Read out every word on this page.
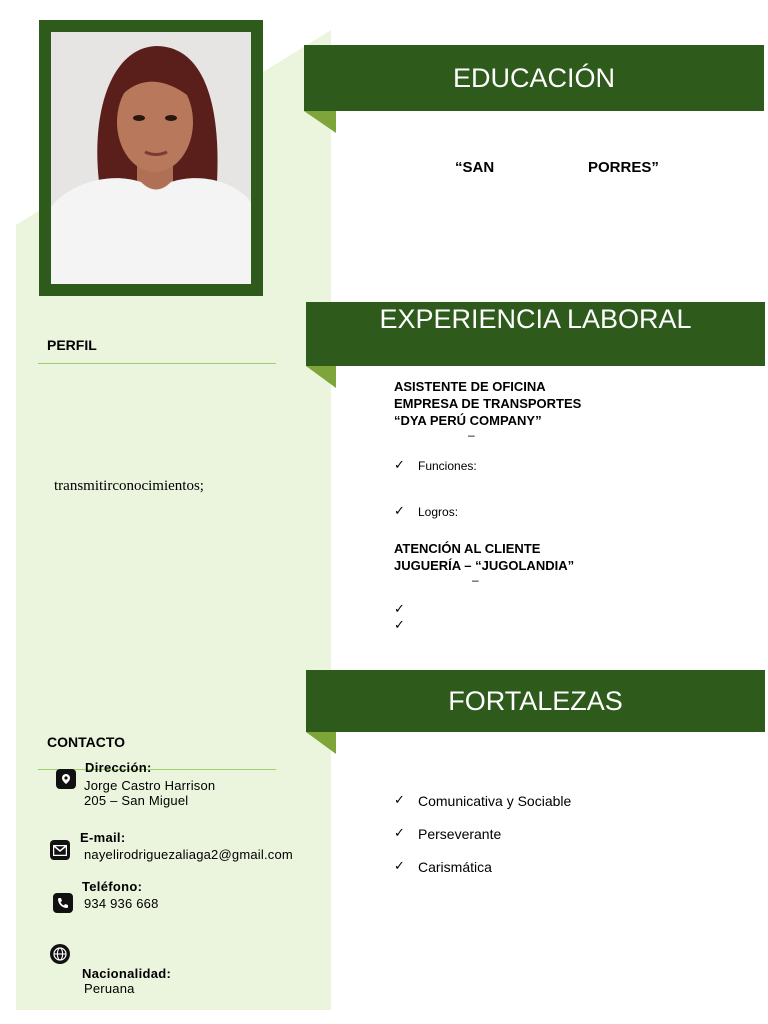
PERFIL
transmitirconocimientos;
CONTACTO
Dirección:
Jorge Castro Harrison
205 – San Miguel
E-mail:
nayelirodriguezaliaga2@gmail.com
Teléfono:
934 936 668
Nacionalidad:
Peruana
EDUCACIÓN
“SAN	PORRES”
EXPERIENCIA LABORAL
ASISTENTE DE OFICINA
EMPRESA DE TRANSPORTES
“DYA PERÚ COMPANY”
–
✓ Funciones:
✓ Logros:
ATENCIÓN AL CLIENTE
JUGUERÍA – “JUGOLANDIA”
–
✓
✓
FORTALEZAS
✓ Comunicativa y Sociable
✓ Perseverante
✓ Carismática
